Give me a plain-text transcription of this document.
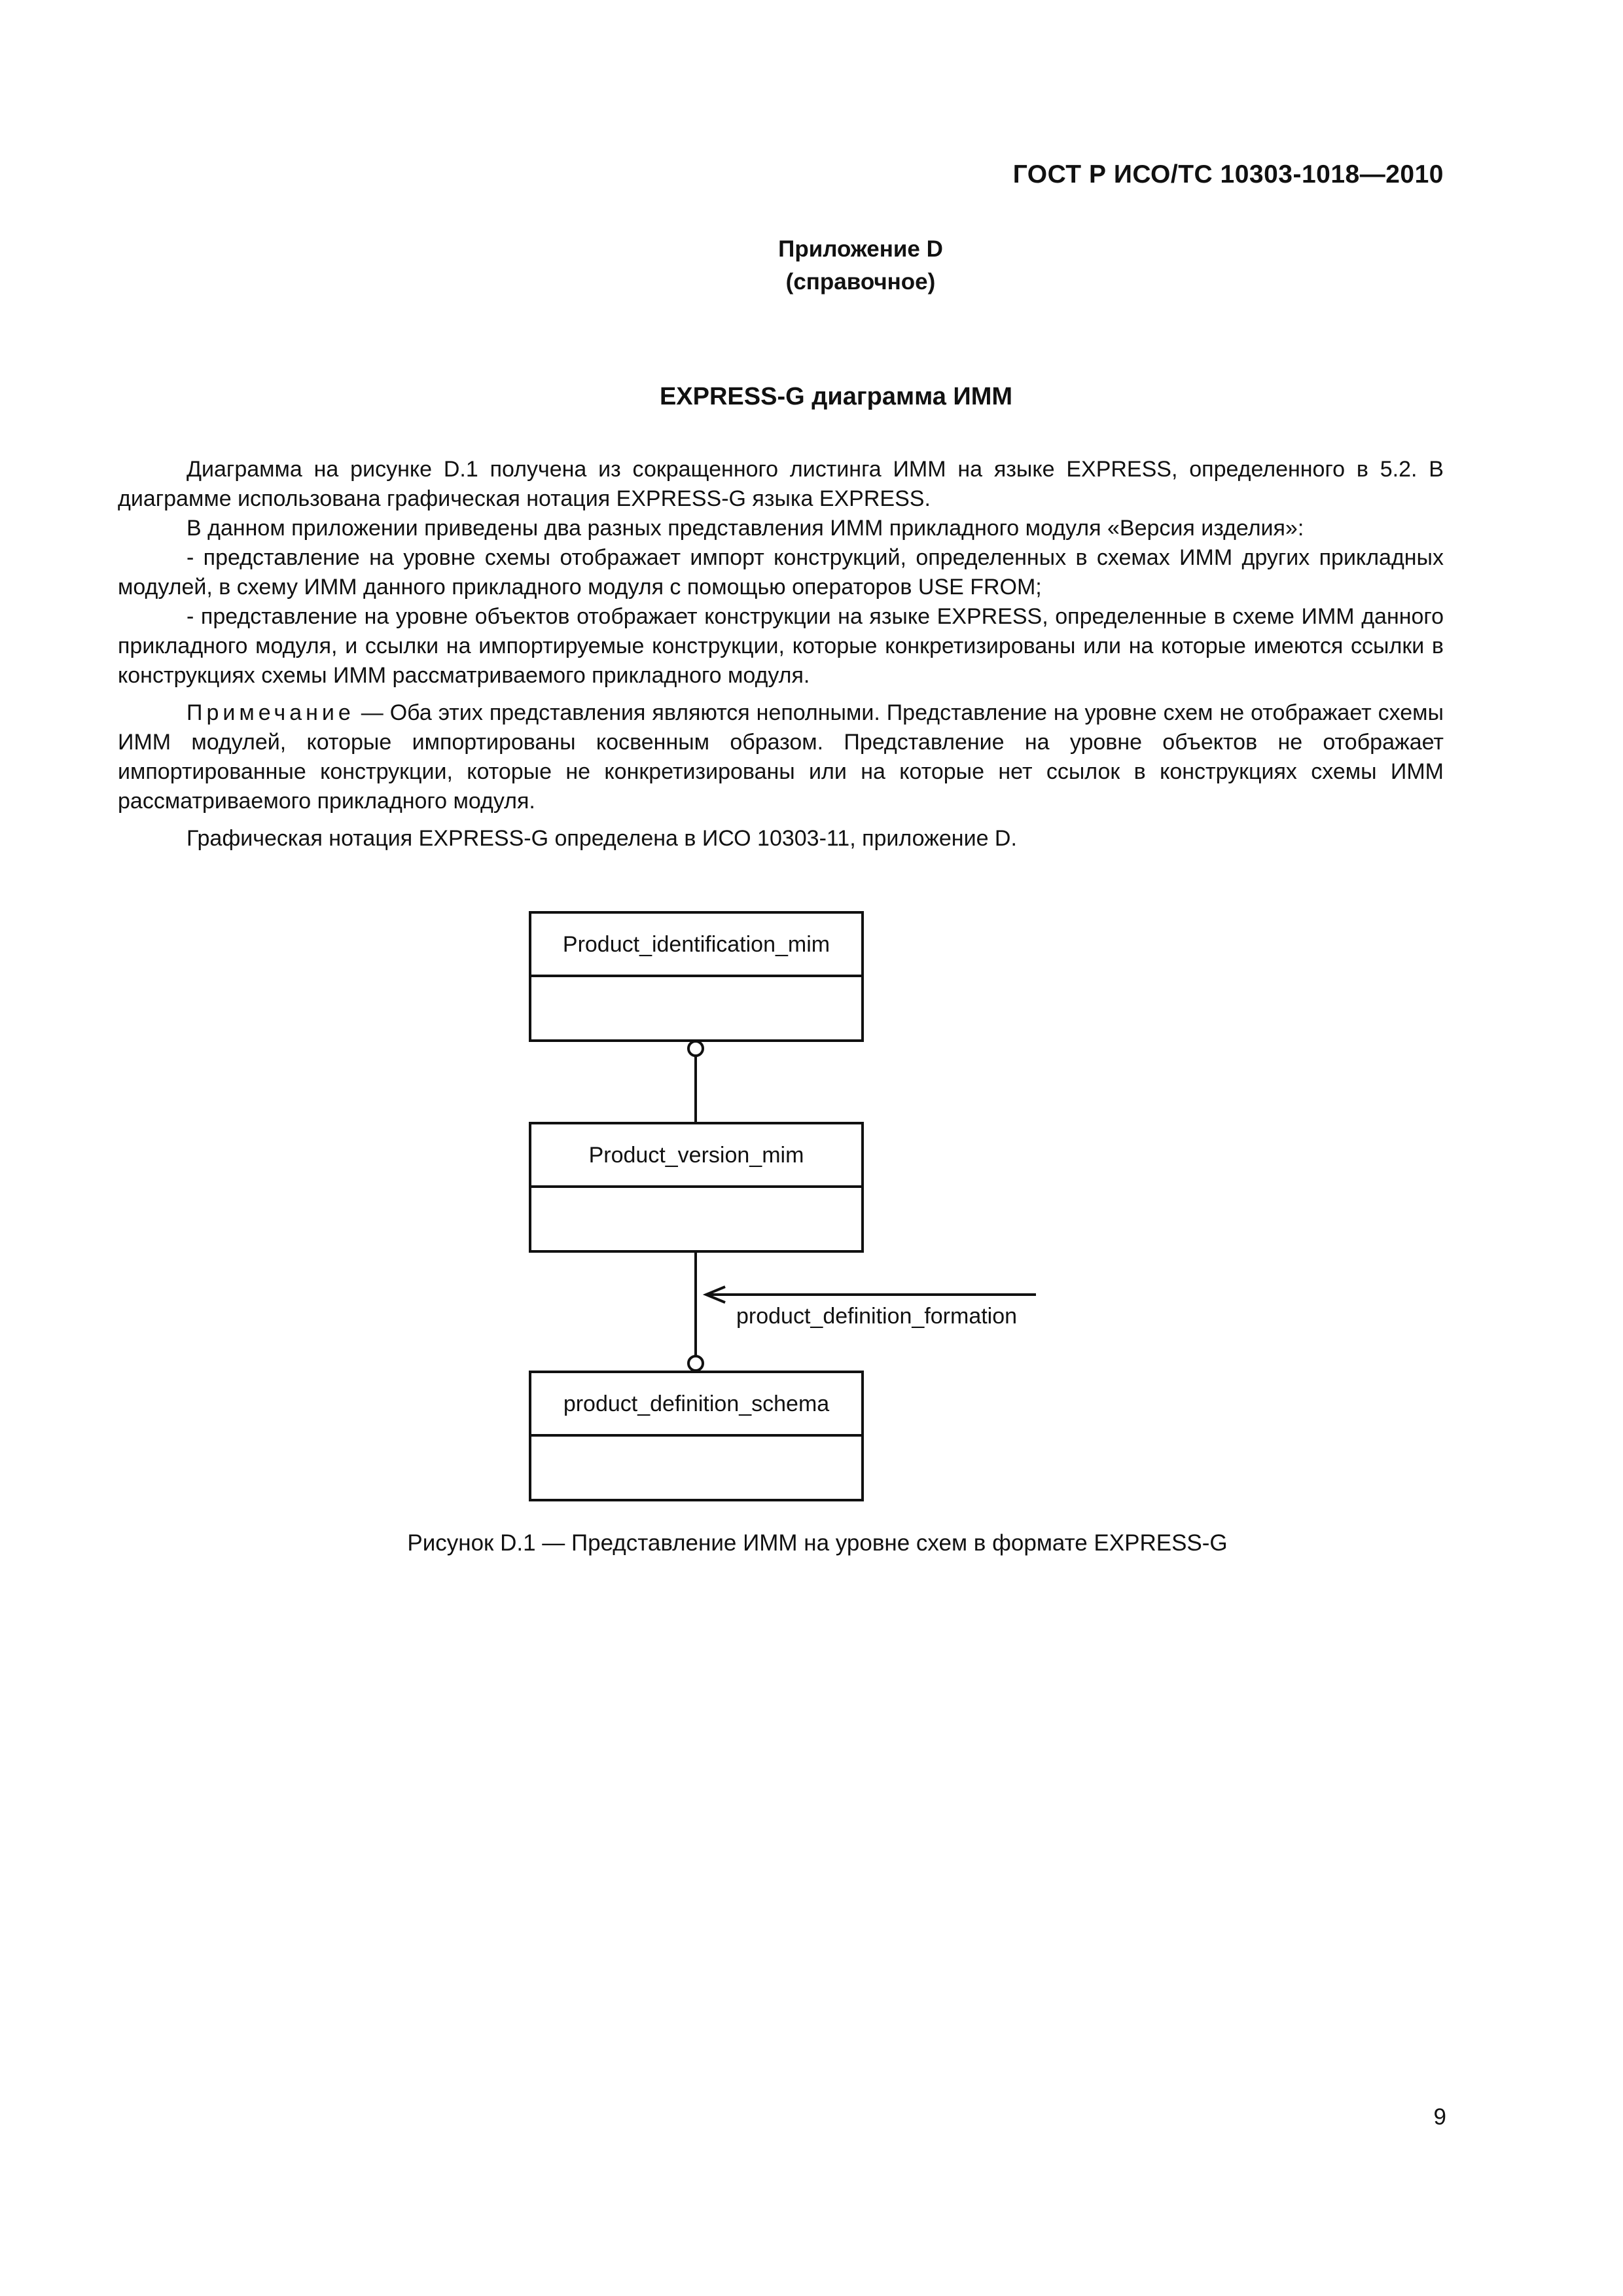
ГОСТ Р ИСО/ТС 10303-1018—2010
Приложение D
(справочное)
EXPRESS-G диаграмма ИММ

Диаграмма на рисунке D.1 получена из сокращенного листинга ИММ на языке EXPRESS, определенного в 5.2. В диаграмме использована графическая нотация EXPRESS-G языка EXPRESS.

В данном приложении приведены два разных представления ИММ прикладного модуля «Версия изделия»:

- представление на уровне схемы отображает импорт конструкций, определенных в схемах ИММ других прикладных модулей, в схему ИММ данного прикладного модуля с помощью операторов USE FROM;

- представление на уровне объектов отображает конструкции на языке EXPRESS, определенные в схеме ИММ данного прикладного модуля, и ссылки на импортируемые конструкции, которые конкретизированы или на которые имеются ссылки в конструкциях схемы ИММ рассматриваемого прикладного модуля.

Примечание — Оба этих представления являются неполными. Представление на уровне схем не отображает схемы ИММ модулей, которые импортированы косвенным образом. Представление на уровне объектов не отображает импортированные конструкции, которые не конкретизированы или на которые нет ссылок в конструкциях схемы ИММ рассматриваемого прикладного модуля.

Графическая нотация EXPRESS-G определена в ИСО 10303-11, приложение D.

Product_identification_mim
Product_version_mim
product_definition_schema
product_definition_formation
Рисунок D.1 — Представление ИММ на уровне схем в формате EXPRESS-G
9
